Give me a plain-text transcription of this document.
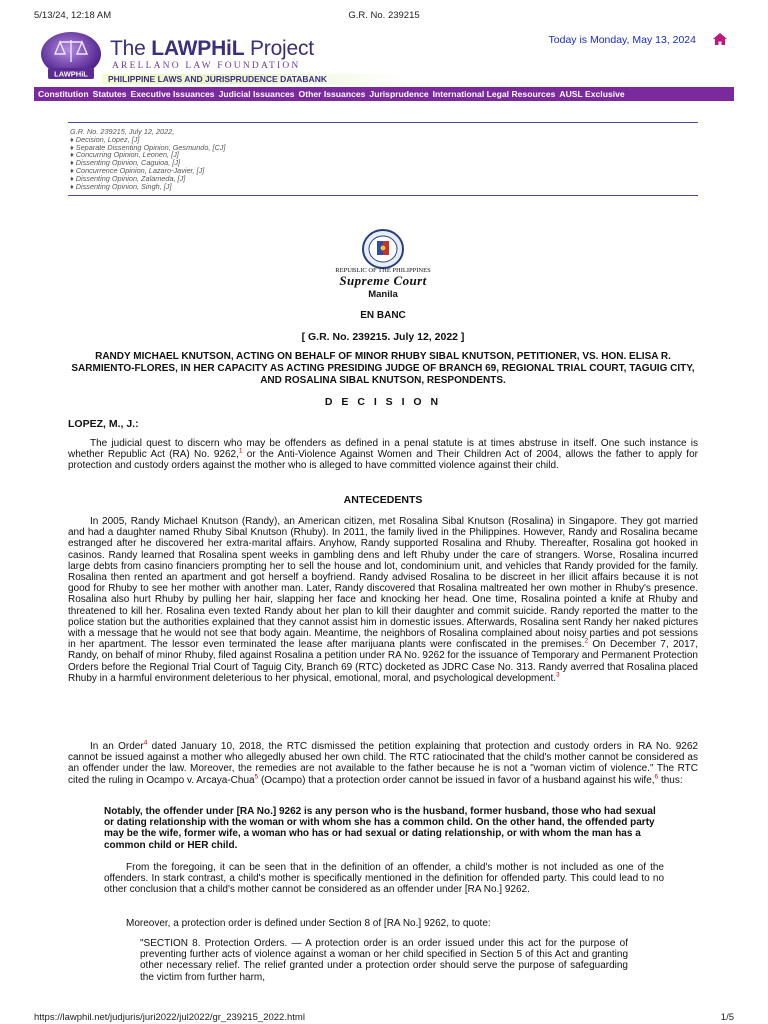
5/13/24, 12:18 AM	G.R. No. 239215
LAWPHiL
The LAWPHiL Project
ARELLANO LAW FOUNDATION
PHILIPPINE LAWS AND JURISPRUDENCE DATABANK
Today is Monday, May 13, 2024
Constitution Statutes Executive Issuances Judicial Issuances Other Issuances Jurisprudence International Legal Resources AUSL Exclusive
G.R. No. 239215, July 12, 2022,
♦ Decision, Lopez, [J]
♦ Separate Dissenting Opinion, Gesmundo, [CJ]
♦ Concurring Opinion, Leonen, [J]
♦ Dissenting Opinion, Caguioa, [J]
♦ Concurrence Opinion, Lazaro-Javier, [J]
♦ Dissenting Opinion, Zalameda, [J]
♦ Dissenting Opinion, Singh, [J]
REPUBLIC OF THE PHILIPPINES
Supreme Court
Manila
EN BANC
[ G.R. No. 239215. July 12, 2022 ]
RANDY MICHAEL KNUTSON, ACTING ON BEHALF OF MINOR RHUBY SIBAL KNUTSON, PETITIONER, VS. HON. ELISA R. SARMIENTO-FLORES, IN HER CAPACITY AS ACTING PRESIDING JUDGE OF BRANCH 69, REGIONAL TRIAL COURT, TAGUIG CITY, AND ROSALINA SIBAL KNUTSON, RESPONDENTS.
D E C I S I O N
LOPEZ, M., J.:
The judicial quest to discern who may be offenders as defined in a penal statute is at times abstruse in itself. One such instance is whether Republic Act (RA) No. 9262,$^1$ or the Anti-Violence Against Women and Their Children Act of 2004, allows the father to apply for protection and custody orders against the mother who is alleged to have committed violence against their child.
ANTECEDENTS
In 2005, Randy Michael Knutson (Randy), an American citizen, met Rosalina Sibal Knutson (Rosalina) in Singapore. They got married and had a daughter named Rhuby Sibal Knutson (Rhuby). In 2011, the family lived in the Philippines. However, Randy and Rosalina became estranged after he discovered her extra-marital affairs. Anyhow, Randy supported Rosalina and Rhuby. Thereafter, Rosalina got hooked in casinos. Randy learned that Rosalina spent weeks in gambling dens and left Rhuby under the care of strangers. Worse, Rosalina incurred large debts from casino financiers prompting her to sell the house and lot, condominium unit, and vehicles that Randy provided for the family. Rosalina then rented an apartment and got herself a boyfriend. Randy advised Rosalina to be discreet in her illicit affairs because it is not good for Rhuby to see her mother with another man. Later, Randy discovered that Rosalina maltreated her own mother in Rhuby's presence. Rosalina also hurt Rhuby by pulling her hair, slapping her face and knocking her head. One time, Rosalina pointed a knife at Rhuby and threatened to kill her. Rosalina even texted Randy about her plan to kill their daughter and commit suicide. Randy reported the matter to the police station but the authorities explained that they cannot assist him in domestic issues. Afterwards, Rosalina sent Randy her naked pictures with a message that he would not see that body again. Meantime, the neighbors of Rosalina complained about noisy parties and pot sessions in her apartment. The lessor even terminated the lease after marijuana plants were confiscated in the premises.$^2$ On December 7, 2017, Randy, on behalf of minor Rhuby, filed against Rosalina a petition under RA No. 9262 for the issuance of Temporary and Permanent Protection Orders before the Regional Trial Court of Taguig City, Branch 69 (RTC) docketed as JDRC Case No. 313. Randy averred that Rosalina placed Rhuby in a harmful environment deleterious to her physical, emotional, moral, and psychological development.$^3$
In an Order$^4$ dated January 10, 2018, the RTC dismissed the petition explaining that protection and custody orders in RA No. 9262 cannot be issued against a mother who allegedly abused her own child. The RTC ratiocinated that the child's mother cannot be considered as an offender under the law. Moreover, the remedies are not available to the father because he is not a "woman victim of violence." The RTC cited the ruling in Ocampo v. Arcaya-Chua$^5$ (Ocampo) that a protection order cannot be issued in favor of a husband against his wife,$^6$ thus:
Notably, the offender under [RA No.] 9262 is any person who is the husband, former husband, those who had sexual or dating relationship with the woman or with whom she has a common child. On the other hand, the offended party may be the wife, former wife, a woman who has or had sexual or dating relationship, or with whom the man has a common child or HER child.
From the foregoing, it can be seen that in the definition of an offender, a child's mother is not included as one of the offenders. In stark contrast, a child's mother is specifically mentioned in the definition for offended party. This could lead to no other conclusion that a child's mother cannot be considered as an offender under [RA No.] 9262.
Moreover, a protection order is defined under Section 8 of [RA No.] 9262, to quote:
"SECTION 8. Protection Orders. — A protection order is an order issued under this act for the purpose of preventing further acts of violence against a woman or her child specified in Section 5 of this Act and granting other necessary relief. The relief granted under a protection order should serve the purpose of safeguarding the victim from further harm,
https://lawphil.net/judjuris/juri2022/jul2022/gr_239215_2022.html	1/5
